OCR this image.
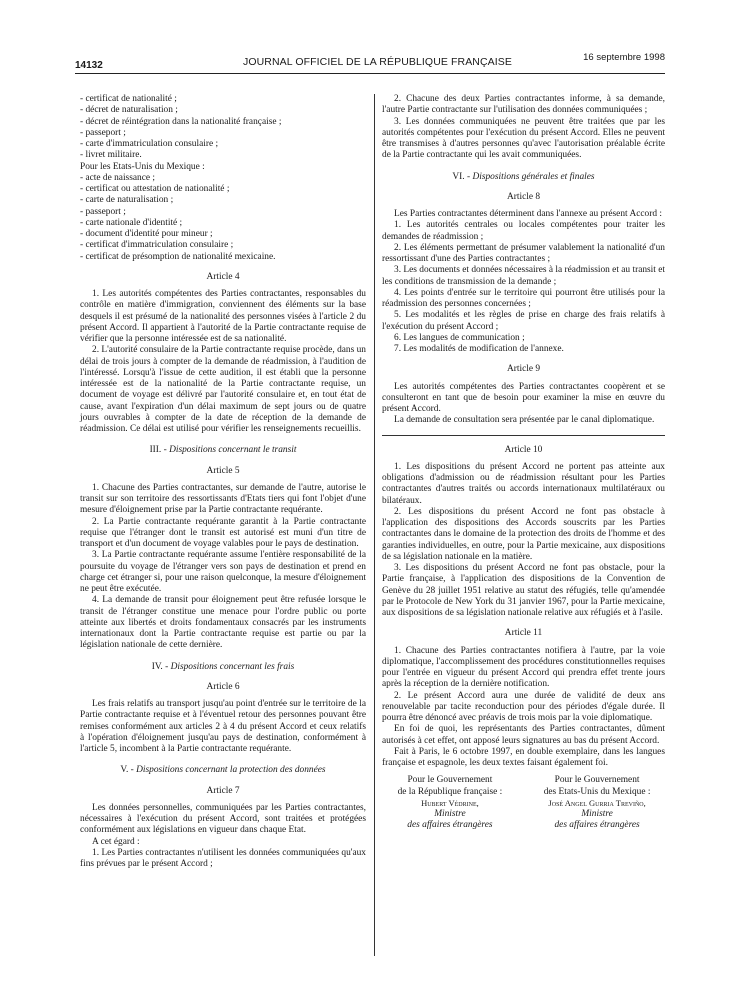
14132	JOURNAL OFFICIEL DE LA RÉPUBLIQUE FRANÇAISE	16 septembre 1998

- certificat de nationalité ;

- décret de naturalisation ;

- décret de réintégration dans la nationalité française ;

- passeport ;

- carte d'immatriculation consulaire ;

- livret militaire.

Pour les Etats-Unis du Mexique :

- acte de naissance ;

- certificat ou attestation de nationalité ;

- carte de naturalisation ;

- passeport ;

- carte nationale d'identité ;

- document d'identité pour mineur ;

- certificat d'immatriculation consulaire ;

- certificat de présomption de nationalité mexicaine.

Article 4

1. Les autorités compétentes des Parties contractantes, responsables du contrôle en matière d'immigration, conviennent des éléments sur la base desquels il est présumé de la nationalité des personnes visées à l'article 2 du présent Accord. Il appartient à l'autorité de la Partie contractante requise de vérifier que la personne intéressée est de sa nationalité.

2. L'autorité consulaire de la Partie contractante requise procède, dans un délai de trois jours à compter de la demande de réadmission, à l'audition de l'intéressé. Lorsqu'à l'issue de cette audition, il est établi que la personne intéressée est de la nationalité de la Partie contractante requise, un document de voyage est délivré par l'autorité consulaire et, en tout état de cause, avant l'expiration d'un délai maximum de sept jours ou de quatre jours ouvrables à compter de la date de réception de la demande de réadmission. Ce délai est utilisé pour vérifier les renseignements recueillis.

III. - Dispositions concernant le transit
Article 5

1. Chacune des Parties contractantes, sur demande de l'autre, autorise le transit sur son territoire des ressortissants d'Etats tiers qui font l'objet d'une mesure d'éloignement prise par la Partie contractante requérante.

2. La Partie contractante requérante garantit à la Partie contractante requise que l'étranger dont le transit est autorisé est muni d'un titre de transport et d'un document de voyage valables pour le pays de destination.

3. La Partie contractante requérante assume l'entière responsabilité de la poursuite du voyage de l'étranger vers son pays de destination et prend en charge cet étranger si, pour une raison quelconque, la mesure d'éloignement ne peut être exécutée.

4. La demande de transit pour éloignement peut être refusée lorsque le transit de l'étranger constitue une menace pour l'ordre public ou porte atteinte aux libertés et droits fondamentaux consacrés par les instruments internationaux dont la Partie contractante requise est partie ou par la législation nationale de cette dernière.

IV. - Dispositions concernant les frais
Article 6

Les frais relatifs au transport jusqu'au point d'entrée sur le territoire de la Partie contractante requise et à l'éventuel retour des personnes pouvant être remises conformément aux articles 2 à 4 du présent Accord et ceux relatifs à l'opération d'éloignement jusqu'au pays de destination, conformément à l'article 5, incombent à la Partie contractante requérante.

V. - Dispositions concernant la protection des données
Article 7

Les données personnelles, communiquées par les Parties contractantes, nécessaires à l'exécution du présent Accord, sont traitées et protégées conformément aux législations en vigueur dans chaque Etat.

A cet égard :

1. Les Parties contractantes n'utilisent les données communiquées qu'aux fins prévues par le présent Accord ;

2. Chacune des deux Parties contractantes informe, à sa demande, l'autre Partie contractante sur l'utilisation des données communiquées ;

3. Les données communiquées ne peuvent être traitées que par les autorités compétentes pour l'exécution du présent Accord. Elles ne peuvent être transmises à d'autres personnes qu'avec l'autorisation préalable écrite de la Partie contractante qui les avait communiquées.

VI. - Dispositions générales et finales
Article 8

Les Parties contractantes déterminent dans l'annexe au présent Accord :

1. Les autorités centrales ou locales compétentes pour traiter les demandes de réadmission ;

2. Les éléments permettant de présumer valablement la nationalité d'un ressortissant d'une des Parties contractantes ;

3. Les documents et données nécessaires à la réadmission et au transit et les conditions de transmission de la demande ;

4. Les points d'entrée sur le territoire qui pourront être utilisés pour la réadmission des personnes concernées ;

5. Les modalités et les règles de prise en charge des frais relatifs à l'exécution du présent Accord ;

6. Les langues de communication ;

7. Les modalités de modification de l'annexe.

Article 9

Les autorités compétentes des Parties contractantes coopèrent et se consulteront en tant que de besoin pour examiner la mise en œuvre du présent Accord.

La demande de consultation sera présentée par le canal diplomatique.

Article 10

1. Les dispositions du présent Accord ne portent pas atteinte aux obligations d'admission ou de réadmission résultant pour les Parties contractantes d'autres traités ou accords internationaux multilatéraux ou bilatéraux.

2. Les dispositions du présent Accord ne font pas obstacle à l'application des dispositions des Accords souscrits par les Parties contractantes dans le domaine de la protection des droits de l'homme et des garanties individuelles, en outre, pour la Partie mexicaine, aux dispositions de sa législation nationale en la matière.

3. Les dispositions du présent Accord ne font pas obstacle, pour la Partie française, à l'application des dispositions de la Convention de Genève du 28 juillet 1951 relative au statut des réfugiés, telle qu'amendée par le Protocole de New York du 31 janvier 1967, pour la Partie mexicaine, aux dispositions de sa législation nationale relative aux réfugiés et à l'asile.

Article 11

1. Chacune des Parties contractantes notifiera à l'autre, par la voie diplomatique, l'accomplissement des procédures constitutionnelles requises pour l'entrée en vigueur du présent Accord qui prendra effet trente jours après la réception de la dernière notification.

2. Le présent Accord aura une durée de validité de deux ans renouvelable par tacite reconduction pour des périodes d'égale durée. Il pourra être dénoncé avec préavis de trois mois par la voie diplomatique.

En foi de quoi, les représentants des Parties contractantes, dûment autorisés à cet effet, ont apposé leurs signatures au bas du présent Accord.

Fait à Paris, le 6 octobre 1997, en double exemplaire, dans les langues française et espagnole, les deux textes faisant également foi.

Pour le Gouvernement
de la République française :
Hubert Védrine,
Ministre
des affaires étrangères
Pour le Gouvernement
des Etats-Unis du Mexique :
José Angel Gurria Treviño,
Ministre
des affaires étrangères
